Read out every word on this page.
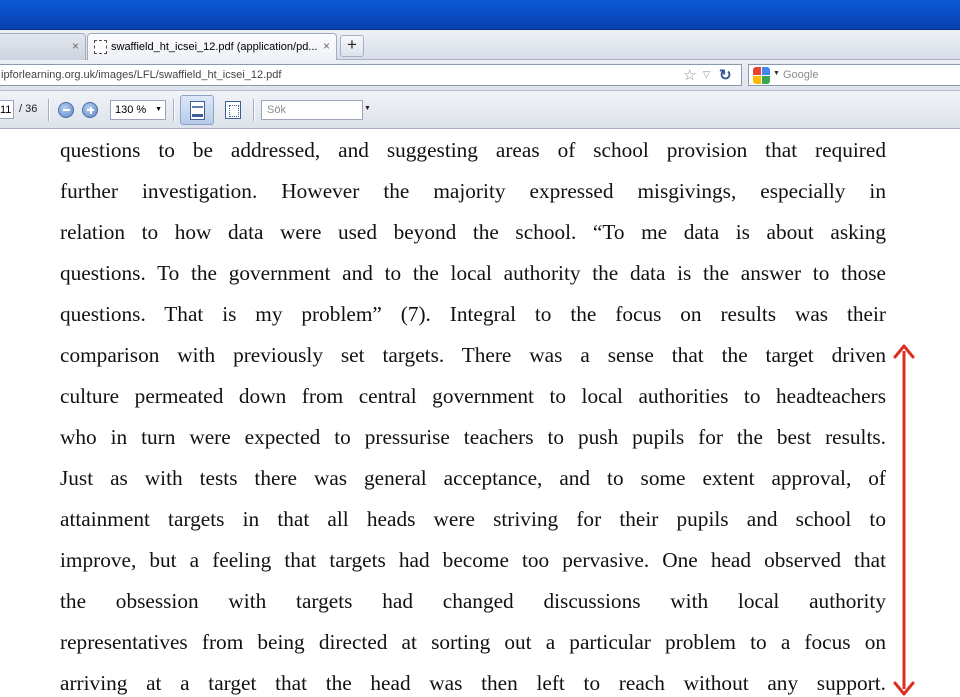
×	swaffield_ht_icsei_12.pdf (application/pd... ×	+
ipforlearning.org.uk/images/LFL/swaffield_ht_icsei_12.pdf	☆ ▽ ↻	▼ Google
11 / 36	130 % ▼	Sök	▼
questions to be addressed, and suggesting areas of school provision that required
further investigation. However the majority expressed misgivings, especially in
relation to how data were used beyond the school. “To me data is about asking
questions. To the government and to the local authority the data is the answer to those
questions. That is my problem” (7). Integral to the focus on results was their
comparison with previously set targets. There was a sense that the target driven
culture permeated down from central government to local authorities to headteachers
who in turn were expected to pressurise teachers to push pupils for the best results.
Just as with tests there was general acceptance, and to some extent approval, of
attainment targets in that all heads were striving for their pupils and school to
improve, but a feeling that targets had become too pervasive. One head observed that
the obsession with targets had changed discussions with local authority
representatives from being directed at sorting out a particular problem to a focus on
arriving at a target that the head was then left to reach without any support.
